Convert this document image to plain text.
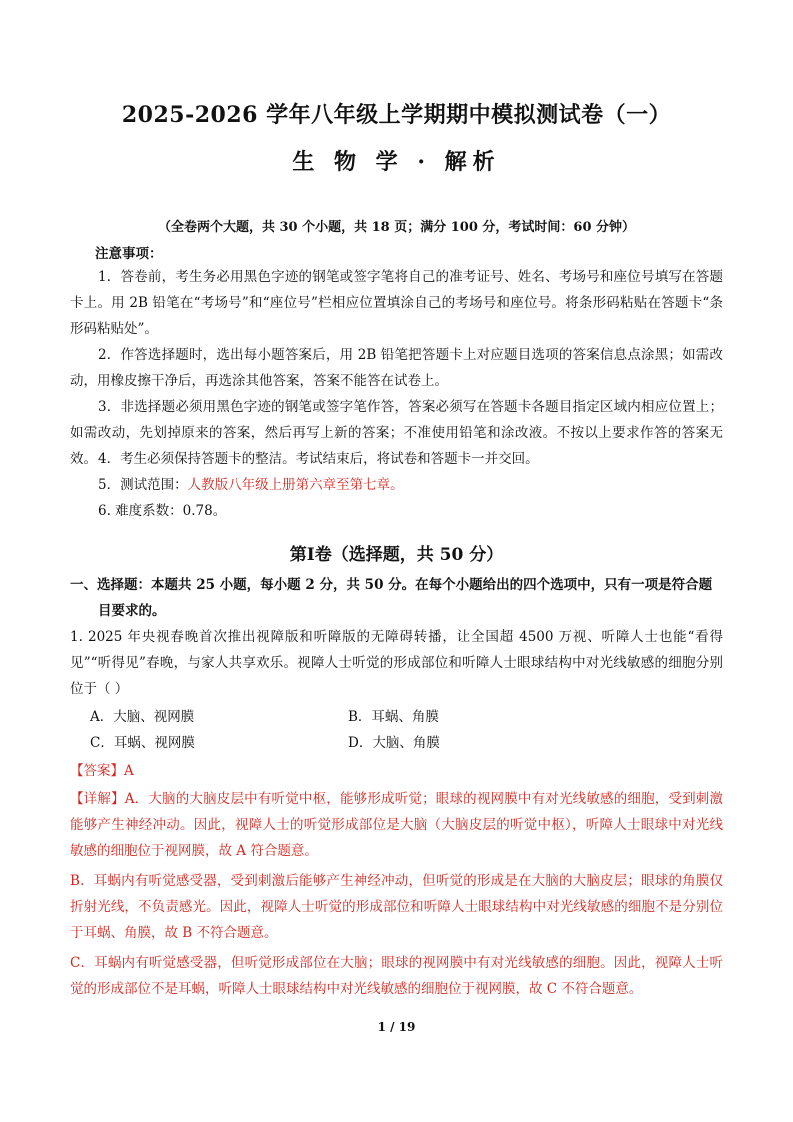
2025-2026 学年八年级上学期期中模拟测试卷（一）
生 物 学 · 解析
（全卷两个大题，共 30 个小题，共 18 页；满分 100 分，考试时间：60 分钟）
注意事项：
1．答卷前，考生务必用黑色字迹的钢笔或签字笔将自己的准考证号、姓名、考场号和座位号填写在答题卡上。用 2B 铅笔在“考场号”和“座位号”栏相应位置填涂自己的考场号和座位号。将条形码粘贴在答题卡“条形码粘贴处”。
2．作答选择题时，选出每小题答案后，用 2B 铅笔把答题卡上对应题目选项的答案信息点涂黑；如需改动，用橡皮擦干净后，再选涂其他答案，答案不能答在试卷上。
3．非选择题必须用黑色字迹的钢笔或签字笔作答，答案必须写在答题卡各题目指定区域内相应位置上；如需改动，先划掉原来的答案，然后再写上新的答案；不准使用铅笔和涂改液。不按以上要求作答的答案无效。 4．考生必须保持答题卡的整洁。考试结束后，将试卷和答题卡一并交回。
5．测试范围：人教版八年级上册第六章至第七章。
6. 难度系数：0.78。
第Ⅰ卷（选择题，共 50 分）
一、选择题：本题共 25 小题，每小题 2 分，共 50 分。在每个小题给出的四个选项中，只有一项是符合题
目要求的。
1. 2025 年央视春晚首次推出视障版和听障版的无障碍转播，让全国超 4500 万视、听障人士也能“看得见”“听得见”春晚，与家人共享欢乐。视障人士听觉的形成部位和听障人士眼球结构中对光线敏感的细胞分别位于（ ）
A．大脑、视网膜	B．耳蜗、角膜
C．耳蜗、视网膜	D．大脑、角膜
【答案】A
【详解】A．大脑的大脑皮层中有听觉中枢，能够形成听觉；眼球的视网膜中有对光线敏感的细胞，受到刺激能够产生神经冲动。因此，视障人士的听觉形成部位是大脑（大脑皮层的听觉中枢），听障人士眼球中对光线敏感的细胞位于视网膜，故 A 符合题意。
B．耳蜗内有听觉感受器，受到刺激后能够产生神经冲动，但听觉的形成是在大脑的大脑皮层；眼球的角膜仅折射光线，不负责感光。因此，视障人士听觉的形成部位和听障人士眼球结构中对光线敏感的细胞不是分别位于耳蜗、角膜，故 B 不符合题意。
C．耳蜗内有听觉感受器，但听觉形成部位在大脑；眼球的视网膜中有对光线敏感的细胞。因此，视障人士听觉的形成部位不是耳蜗，听障人士眼球结构中对光线敏感的细胞位于视网膜，故 C 不符合题意。
1 / 19
